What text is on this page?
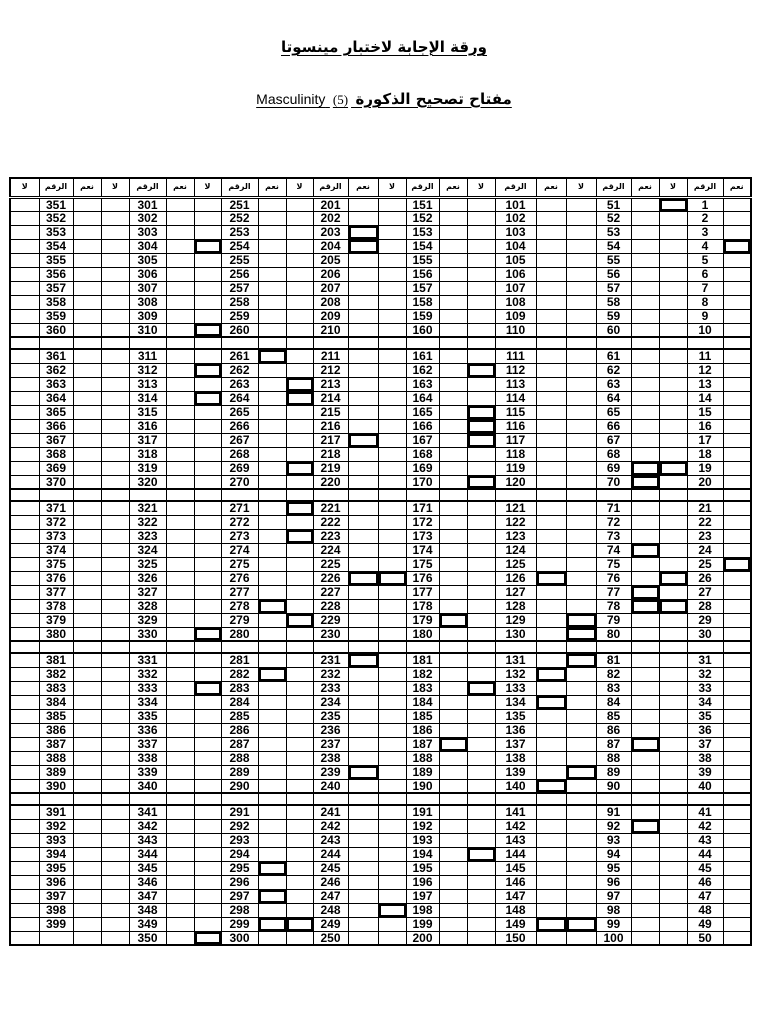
ورقة الإجابة لاختبار مينسوتا
Masculinity (5) مفتاح تصحيح الذكورة
لا	الرقم	نعم	لا	الرقم	نعم	لا	الرقم	نعم	لا	الرقم	نعم	لا	الرقم	نعم	لا	الرقم	نعم	لا	الرقم	نعم	لا	الرقم	نعم
	351			301			251			201			151			101			51			1	
	352			302			252			202			152			102			52			2	
	353			303			253			203			153			103			53			3	
	354			304			254			204			154			104			54			4	
	355			305			255			205			155			105			55			5	
	356			306			256			206			156			106			56			6	
	357			307			257			207			157			107			57			7	
	358			308			258			208			158			108			58			8	
	359			309			259			209			159			109			59			9	
	360			310			260			210			160			110			60			10	

	361			311			261			211			161			111			61			11	
	362			312			262			212			162			112			62			12	
	363			313			263			213			163			113			63			13	
	364			314			264			214			164			114			64			14	
	365			315			265			215			165			115			65			15	
	366			316			266			216			166			116			66			16	
	367			317			267			217			167			117			67			17	
	368			318			268			218			168			118			68			18	
	369			319			269			219			169			119			69			19	
	370			320			270			220			170			120			70			20	

	371			321			271			221			171			121			71			21	
	372			322			272			222			172			122			72			22	
	373			323			273			223			173			123			73			23	
	374			324			274			224			174			124			74			24	
	375			325			275			225			175			125			75			25	
	376			326			276			226			176			126			76			26	
	377			327			277			227			177			127			77			27	
	378			328			278			228			178			128			78			28	
	379			329			279			229			179			129			79			29	
	380			330			280			230			180			130			80			30	

	381			331			281			231			181			131			81			31	
	382			332			282			232			182			132			82			32	
	383			333			283			233			183			133			83			33	
	384			334			284			234			184			134			84			34	
	385			335			285			235			185			135			85			35	
	386			336			286			236			186			136			86			36	
	387			337			287			237			187			137			87			37	
	388			338			288			238			188			138			88			38	
	389			339			289			239			189			139			89			39	
	390			340			290			240			190			140			90			40	

	391			341			291			241			191			141			91			41	
	392			342			292			242			192			142			92			42	
	393			343			293			243			193			143			93			43	
	394			344			294			244			194			144			94			44	
	395			345			295			245			195			145			95			45	
	396			346			296			246			196			146			96			46	
	397			347			297			247			197			147			97			47	
	398			348			298			248			198			148			98			48	
	399			349			299			249			199			149			99			49	
				350			300			250			200			150			100			50	
